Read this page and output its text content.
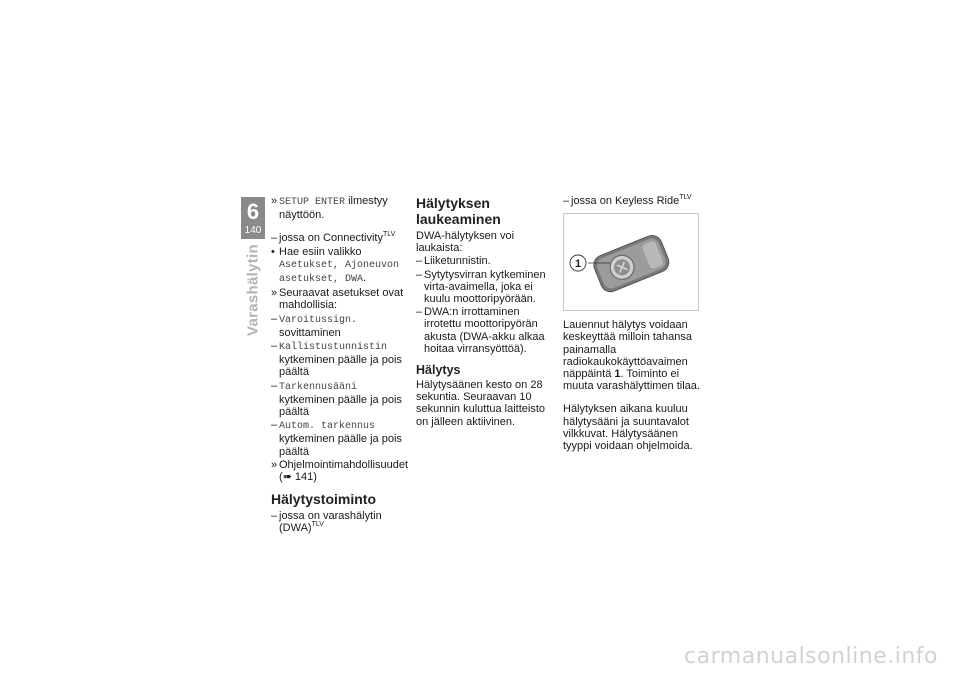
6
140
Varashälytin
» SETUP ENTER ilmestyy näyttöön.
– jossa on Connectivity$^{TLV}$
• Hae esiin valikko Asetukset, Ajoneuvon asetukset, DWA.
» Seuraavat asetukset ovat mahdollisia:
– Varoitussign. sovittaminen
– Kallistustunnistin kytkeminen päälle ja pois päältä
– Tarkennusääni kytkeminen päälle ja pois päältä
– Autom. tarkennus kytkeminen päälle ja pois päältä
» Ohjelmointimahdollisuudet
(➠ 141)
Hälytystoiminto
– jossa on varashälytin (DWA)$^{TLV}$
Hälytyksen laukeaminen

DWA-hälytyksen voi laukaista:

– Liiketunnistin.
– Sytytysvirran kytkeminen virta-avaimella, joka ei kuulu moottoripyörään.
– DWA:n irrottaminen irrotettu moottoripyörän akusta (DWA-akku alkaa hoitaa virransyöttöä).
Hälytys

Hälytysäänen kesto on 28 sekuntia. Seuraavan 10 sekunnin kuluttua laitteisto on jälleen aktiivinen.

– jossa on Keyless Ride$^{TLV}$
1

Lauennut hälytys voidaan keskeyttää milloin tahansa painamalla radiokaukokäyttöavaimen näppäintä 1. Toiminto ei muuta varashälyttimen tilaa.

Hälytyksen aikana kuuluu hälytysääni ja suuntavalot vilkkuvat. Hälytysäänen tyyppi voidaan ohjelmoida.

carmanualsonline.info
